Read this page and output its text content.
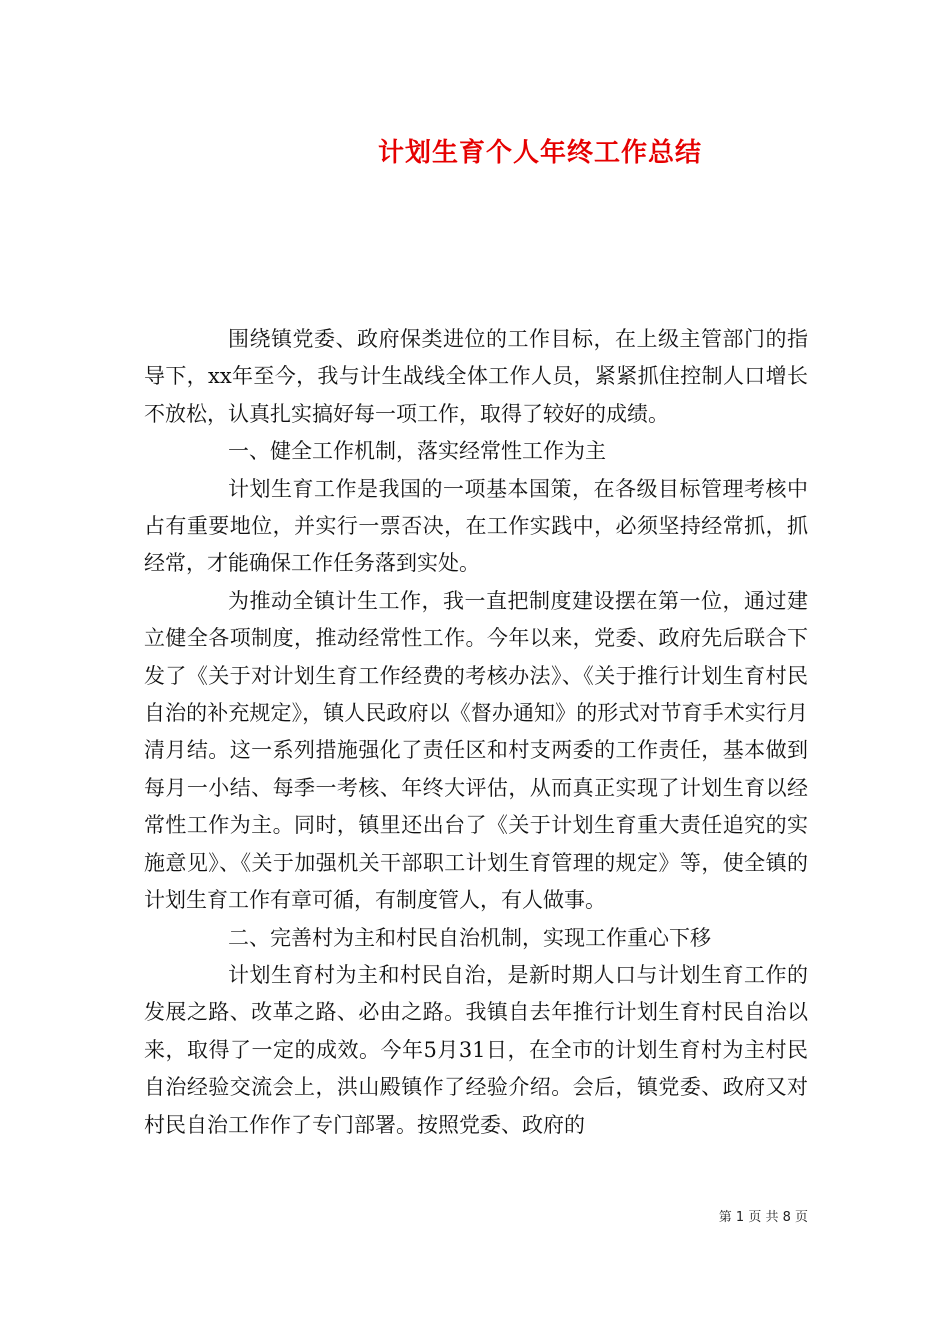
计划生育个人年终工作总结

围绕镇党委、政府保类进位的工作目标，在上级主管部门的指导下，xx年至今，我与计生战线全体工作人员，紧紧抓住控制人口增长不放松，认真扎实搞好每一项工作，取得了较好的成绩。

一、健全工作机制，落实经常性工作为主

计划生育工作是我国的一项基本国策，在各级目标管理考核中占有重要地位，并实行一票否决，在工作实践中，必须坚持经常抓，抓经常，才能确保工作任务落到实处。

为推动全镇计生工作，我一直把制度建设摆在第一位，通过建立健全各项制度，推动经常性工作。今年以来，党委、政府先后联合下发了《关于对计划生育工作经费的考核办法》、《关于推行计划生育村民自治的补充规定》，镇人民政府以《督办通知》的形式对节育手术实行月清月结。这一系列措施强化了责任区和村支两委的工作责任，基本做到每月一小结、每季一考核、年终大评估，从而真正实现了计划生育以经常性工作为主。同时，镇里还出台了《关于计划生育重大责任追究的实施意见》、《关于加强机关干部职工计划生育管理的规定》等，使全镇的计划生育工作有章可循，有制度管人，有人做事。

二、完善村为主和村民自治机制，实现工作重心下移

计划生育村为主和村民自治，是新时期人口与计划生育工作的发展之路、改革之路、必由之路。我镇自去年推行计划生育村民自治以来，取得了一定的成效。今年5月31日，在全市的计划生育村为主村民自治经验交流会上，洪山殿镇作了经验介绍。会后，镇党委、政府又对村民自治工作作了专门部署。按照党委、政府的

第 1 页 共 8 页
